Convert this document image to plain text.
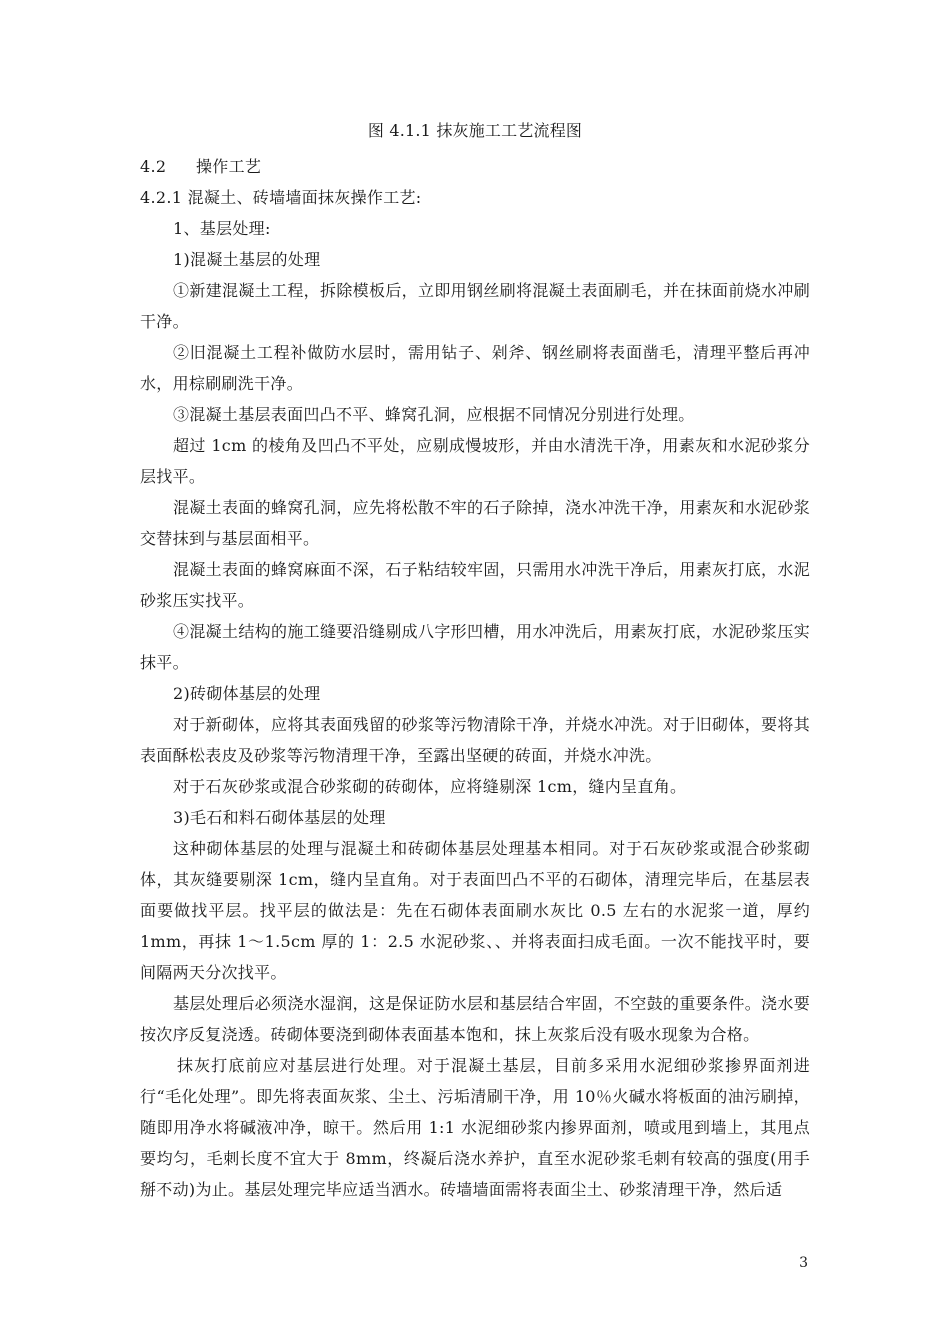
图 4.1.1 抹灰施工工艺流程图

4.2 操作工艺

4.2.1 混凝土、砖墙墙面抹灰操作工艺:

1、基层处理:

1)混凝土基层的处理

①新建混凝土工程，拆除模板后，立即用钢丝刷将混凝土表面刷毛，并在抹面前烧水冲刷干净。

②旧混凝土工程补做防水层时，需用钻子、剁斧、钢丝刷将表面凿毛，清理平整后再冲水，用棕刷刷洗干净。

③混凝土基层表面凹凸不平、蜂窝孔洞，应根据不同情况分别进行处理。

超过 1cm 的棱角及凹凸不平处，应剔成慢坡形，并由水清洗干净，用素灰和水泥砂浆分层找平。

混凝土表面的蜂窝孔洞，应先将松散不牢的石子除掉，浇水冲洗干净，用素灰和水泥砂浆交替抹到与基层面相平。

混凝土表面的蜂窝麻面不深，石子粘结较牢固，只需用水冲洗干净后，用素灰打底，水泥砂浆压实找平。

④混凝土结构的施工缝要沿缝剔成八字形凹槽，用水冲洗后，用素灰打底，水泥砂浆压实抹平。

2)砖砌体基层的处理

对于新砌体，应将其表面残留的砂浆等污物清除干净，并烧水冲洗。对于旧砌体，要将其表面酥松表皮及砂浆等污物清理干净，至露出坚硬的砖面，并烧水冲洗。

对于石灰砂浆或混合砂浆砌的砖砌体，应将缝剔深 1cm，缝内呈直角。

3)毛石和料石砌体基层的处理

这种砌体基层的处理与混凝土和砖砌体基层处理基本相同。对于石灰砂浆或混合砂浆砌体，其灰缝要剔深 1cm，缝内呈直角。对于表面凹凸不平的石砌体，清理完毕后，在基层表面要做找平层。找平层的做法是：先在石砌体表面刷水灰比 0.5 左右的水泥浆一道，厚约 1mm，再抹 1～1.5cm 厚的 1：2.5 水泥砂浆、、并将表面扫成毛面。一次不能找平时，要间隔两天分次找平。

基层处理后必须浇水湿润，这是保证防水层和基层结合牢固，不空鼓的重要条件。浇水要按次序反复浇透。砖砌体要浇到砌体表面基本饱和，抹上灰浆后没有吸水现象为合格。

抹灰打底前应对基层进行处理。对于混凝土基层，目前多采用水泥细砂浆掺界面剂进行“毛化处理”。即先将表面灰浆、尘土、污垢清刷干净，用 10％火碱水将板面的油污刷掉，随即用净水将碱液冲净，晾干。然后用 1:1 水泥细砂浆内掺界面剂，喷或甩到墙上，其甩点要均匀，毛刺长度不宜大于 8mm，终凝后浇水养护，直至水泥砂浆毛刺有较高的强度(用手掰不动)为止。基层处理完毕应适当洒水。砖墙墙面需将表面尘土、砂浆清理干净，然后适

3
